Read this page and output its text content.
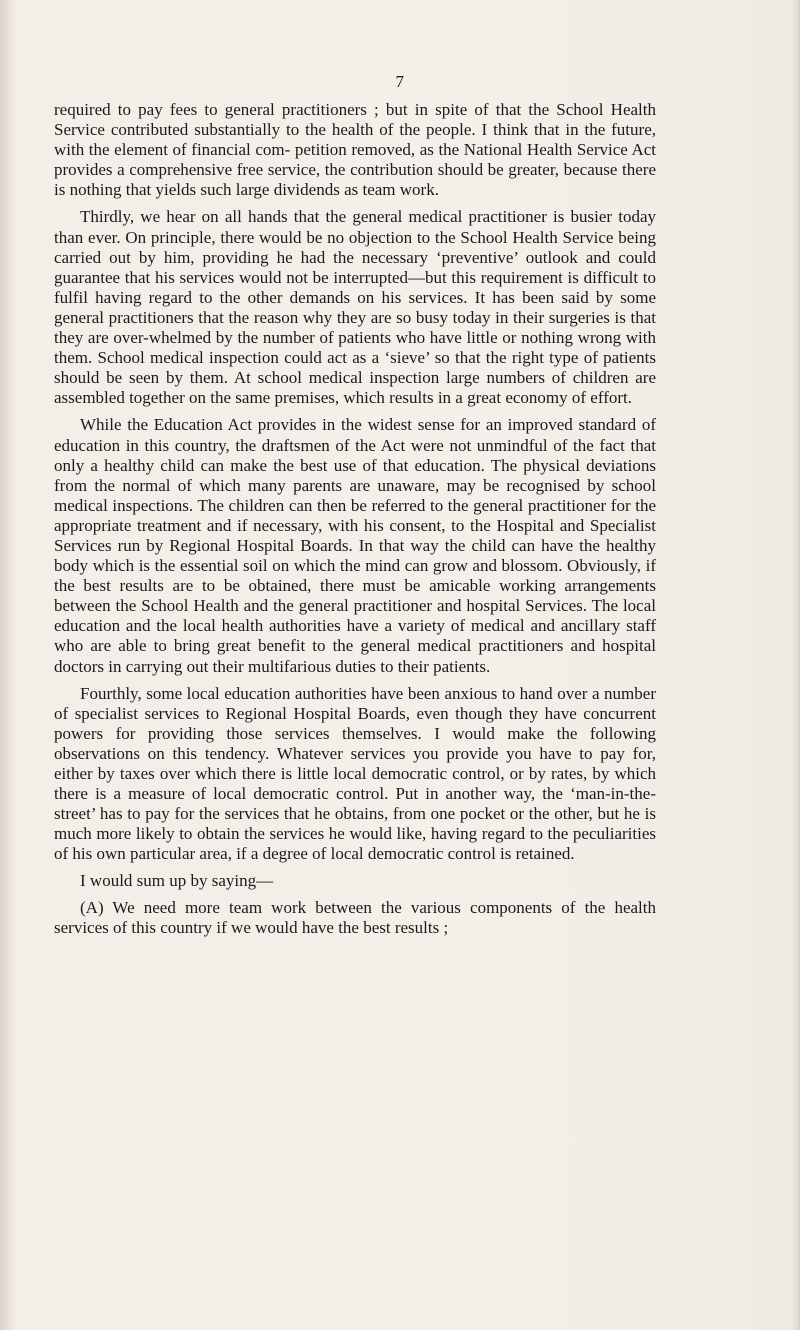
7

required to pay fees to general practitioners ; but in spite of that the School Health Service contributed substantially to the health of the people. I think that in the future, with the element of financial com- petition removed, as the National Health Service Act provides a comprehensive free service, the contribution should be greater, because there is nothing that yields such large dividends as team work.

Thirdly, we hear on all hands that the general medical practitioner is busier today than ever. On principle, there would be no objection to the School Health Service being carried out by him, providing he had the necessary ‘preventive’ outlook and could guarantee that his services would not be interrupted—but this requirement is difficult to fulfil having regard to the other demands on his services. It has been said by some general practitioners that the reason why they are so busy today in their surgeries is that they are over-whelmed by the number of patients who have little or nothing wrong with them. School medical inspection could act as a ‘sieve’ so that the right type of patients should be seen by them. At school medical inspection large numbers of children are assembled together on the same premises, which results in a great economy of effort.

While the Education Act provides in the widest sense for an improved standard of education in this country, the draftsmen of the Act were not unmindful of the fact that only a healthy child can make the best use of that education. The physical deviations from the normal of which many parents are unaware, may be recognised by school medical inspections. The children can then be referred to the general practitioner for the appropriate treatment and if necessary, with his consent, to the Hospital and Specialist Services run by Regional Hospital Boards. In that way the child can have the healthy body which is the essential soil on which the mind can grow and blossom. Obviously, if the best results are to be obtained, there must be amicable working arrangements between the School Health and the general practitioner and hospital Services. The local education and the local health authorities have a variety of medical and ancillary staff who are able to bring great benefit to the general medical practitioners and hospital doctors in carrying out their multifarious duties to their patients.

Fourthly, some local education authorities have been anxious to hand over a number of specialist services to Regional Hospital Boards, even though they have concurrent powers for providing those services themselves. I would make the following observations on this tendency. Whatever services you provide you have to pay for, either by taxes over which there is little local democratic control, or by rates, by which there is a measure of local democratic control. Put in another way, the ‘man-in-the-street’ has to pay for the services that he obtains, from one pocket or the other, but he is much more likely to obtain the services he would like, having regard to the peculiarities of his own particular area, if a degree of local democratic control is retained.

I would sum up by saying—

(A) We need more team work between the various components of the health services of this country if we would have the best results ;
